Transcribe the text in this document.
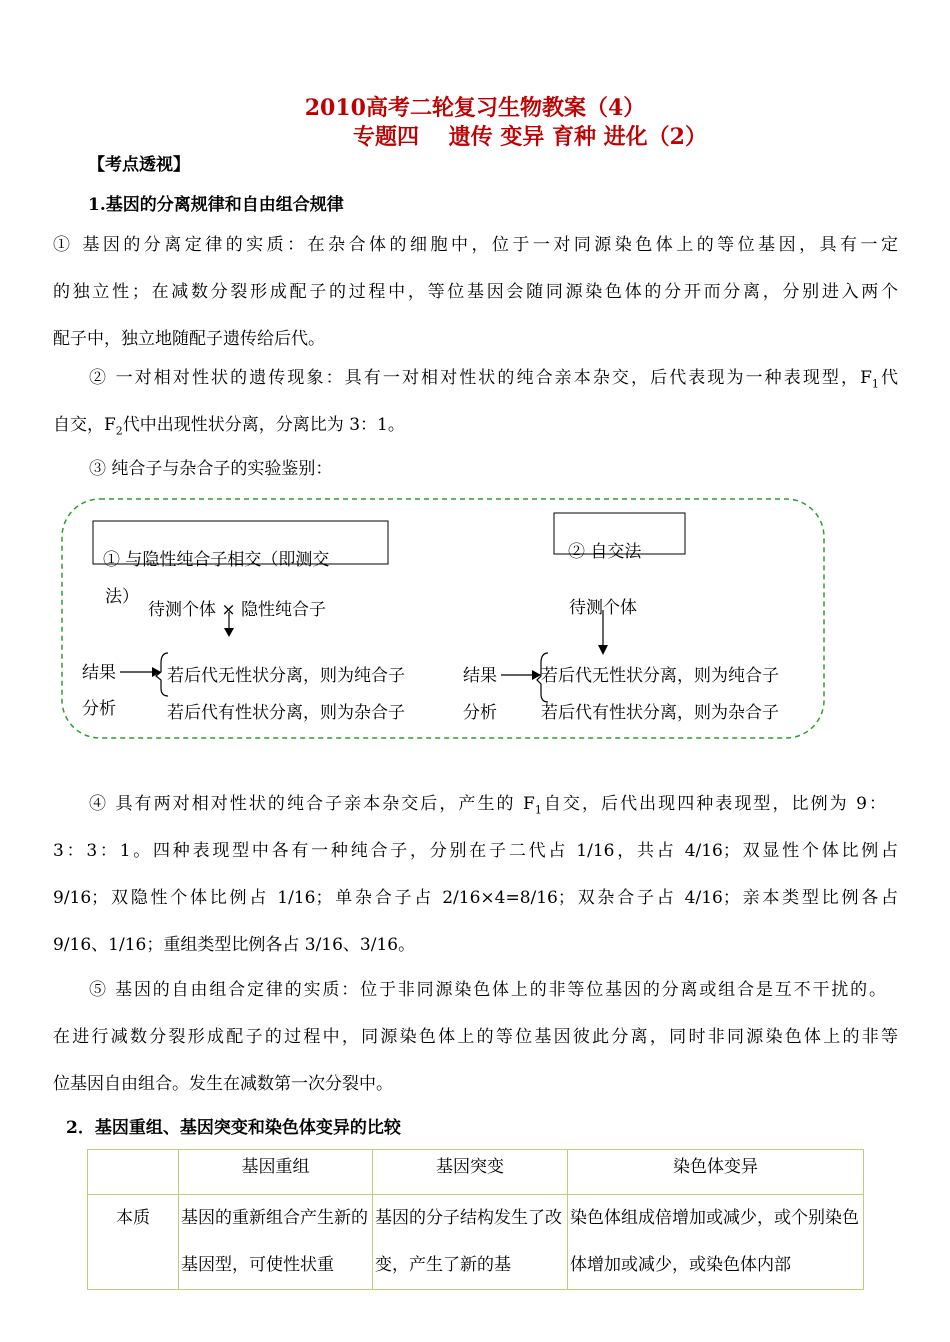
2010高考二轮复习生物教案（4）
专题四　 遗传 变异 育种 进化（2）
【考点透视】
1.基因的分离规律和自由组合规律
① 基因的分离定律的实质：在杂合体的细胞中，位于一对同源染色体上的等位基因，具有一定
的独立性；在减数分裂形成配子的过程中，等位基因会随同源染色体的分开而分离，分别进入两个
配子中，独立地随配子遗传给后代。
② 一对相对性状的遗传现象：具有一对相对性状的纯合亲本杂交，后代表现为一种表现型，$F_1$代
自交，$F_2$代中出现性状分离，分离比为 3：1。
③ 纯合子与杂合子的实验鉴别：
① 与隐性纯合子相交（即测交
法）
待测个体 × 隐性纯合子
② 自交法
待测个体
结果
分析
若后代无性状分离，则为纯合子
若后代有性状分离，则为杂合子
结果
分析
若后代无性状分离，则为纯合子
若后代有性状分离，则为杂合子
④ 具有两对相对性状的纯合子亲本杂交后，产生的 $F_1$自交，后代出现四种表现型，比例为 9：
3：3：1。四种表现型中各有一种纯合子，分别在子二代占 1/16，共占 4/16；双显性个体比例占
9/16；双隐性个体比例占 1/16；单杂合子占 2/16×4=8/16；双杂合子占 4/16；亲本类型比例各占
9/16、1/16；重组类型比例各占 3/16、3/16。
⑤ 基因的自由组合定律的实质：位于非同源染色体上的非等位基因的分离或组合是互不干扰的。
在进行减数分裂形成配子的过程中，同源染色体上的等位基因彼此分离，同时非同源染色体上的非等
位基因自由组合。发生在减数第一次分裂中。
2．基因重组、基因突变和染色体变异的比较
	基因重组	基因突变	染色体变异

本质	基因的重新组合产生新的基因型，可使性状重	基因的分子结构发生了改变，产生了新的基	染色体组成倍增加或减少，或个别染色体增加或减少，或染色体内部
